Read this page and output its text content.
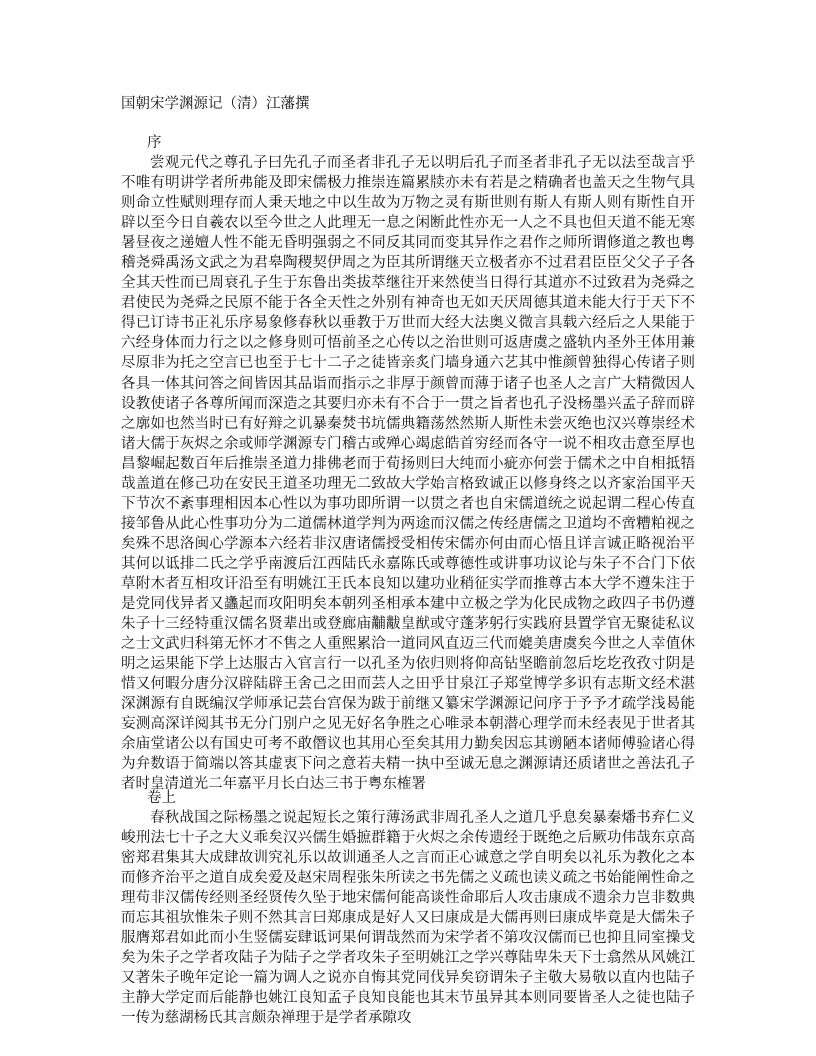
国朝宋学渊源记（清）江藩撰
序

尝观元代之尊孔子曰先孔子而圣者非孔子无以明后孔子而圣者非孔子无以法至哉言乎不唯有明讲学者所弗能及即宋儒极力推崇连篇累牍亦未有若是之精确者也盖天之生物气具则命立性赋则理存而人秉天地之中以生故为万物之灵有斯世则有斯人有斯人则有斯性自开辟以至今日自羲农以至今世之人此理无一息之闲断此性亦无一人之不具也但天道不能无寒暑昼夜之递嬗人性不能无昏明强弱之不同反其同而变其异作之君作之师所谓修道之教也粤稽尧舜禹汤文武之为君皋陶稷契伊周之为臣其所谓继天立极者亦不过君君臣臣父父子子各全其天性而已周衰孔子生于东鲁出类拔萃继往开来然使当日得行其道亦不过致君为尧舜之君使民为尧舜之民原不能于各全天性之外别有神奇也无如天厌周德其道未能大行于天下不得已订诗书正礼乐序易象修春秋以垂教于万世而大经大法奥义微言具载六经后之人果能于六经身体而力行之以之修身则可悟前圣之心传以之治世则可返唐虞之盛轨内圣外王体用兼尽原非为托之空言已也至于七十二子之徒皆亲炙门墙身通六艺其中惟颜曾独得心传诸子则各具一体其问答之间皆因其品诣而指示之非厚于颜曾而薄于诸子也圣人之言广大精微因人设教使诸子各尊所闻而深造之其要归亦未有不合于一贯之旨者也孔子没杨墨兴孟子辞而辟之廓如也然当时已有好辩之讥暴秦焚书坑儒典籍荡然然斯人斯性未尝灭绝也汉兴尊崇经术诸大儒于灰烬之余或师学渊源专门稽古或殚心竭虑皓首穷经而各守一说不相攻击意至厚也昌黎崛起数百年后推崇圣道力排佛老而于荀扬则曰大纯而小疵亦何尝于儒术之中自相抵牾哉盖道在修己功在安民王道圣功理无二致故大学始言格致诚正以修身终之以齐家治国平天下节次不紊事理相因本心性以为事功即所谓一以贯之者也自宋儒道统之说起谓二程心传直接邹鲁从此心性事功分为二道儒林道学判为两途而汉儒之传经唐儒之卫道均不啻糟粕视之矣殊不思洛闽心学源本六经若非汉唐诸儒授受相传宋儒亦何由而心悟且详言诚正略视治平其何以诋排二氏之学乎南渡后江西陆氏永嘉陈氏或尊德性或讲事功议论与朱子不合门下依草附木者互相攻讦沿至有明姚江王氏本良知以建功业稍征实学而推尊古本大学不遵朱注于是党同伐异者又蠭起而攻阳明矣本朝列圣相承本建中立极之学为化民成物之政四子书仍遵朱子十三经特重汉儒名贤辈出或登廊庙黼黻皇猷或守蓬茅躬行实践府县置学官无聚徒私议之士文武归科第无怀才不售之人重熙累洽一道同风直迈三代而媲美唐虞矣今世之人幸值休明之运果能下学上达服古入官言行一以孔圣为依归则将仰高钻坚瞻前忽后圪圪孜孜寸阴是惜又何暇分唐分汉辟陆辟王舍己之田而芸人之田乎甘泉江子郑堂博学多识有志斯文经术湛深渊源有自既编汉学师承记芸台宫保为跋于前继又纂宋学渊源记问序于予予才疏学浅曷能妄测高深详阅其书无分门别户之见无好名争胜之心唯录本朝潜心理学而未经表见于世者其余庙堂诸公以有国史可考不敢僭议也其用心至矣其用力勤矣因忘其谫陋本诸师傅验诸心得为弁数语于简端以答其虚衷下问之意若夫精一执中至诚无息之渊源请还质诸世之善法孔子者时皇清道光二年嘉平月长白达三书于粤东榷署

卷上

春秋战国之际杨墨之说起短长之策行薄汤武非周孔圣人之道几乎息矣暴秦燔书弃仁义峻刑法七十子之大义乖矣汉兴儒生婚摭群籍于火烬之余传遗经于既绝之后厥功伟哉东京高密郑君集其大成肆故训究礼乐以故训通圣人之言而正心诚意之学自明矣以礼乐为教化之本而修齐治平之道自成矣爱及赵宋周程张朱所读之书先儒之义疏也读义疏之书始能阐性命之理苟非汉儒传经则圣经贤传久坠于地宋儒何能高谈性命耶后人攻击康成不遗余力岂非数典而忘其祖欤惟朱子则不然其言曰郑康成是好人又曰康成是大儒再则曰康成毕竟是大儒朱子服膺郑君如此而小生竖儒妄肆诋诃果何谓哉然而为宋学者不第攻汉儒而已也抑且同室操戈矣为朱子之学者攻陆子为陆子之学者攻朱子至明姚江之学兴尊陆卑朱天下士翕然从风姚江又著朱子晚年定论一篇为调人之说亦自悔其党同伐异矣窃谓朱子主敬大易敬以直内也陆子主静大学定而后能静也姚江良知孟子良知良能也其末节虽异其本则同要皆圣人之徒也陆子一传为慈湖杨氏其言颇杂禅理于是学者承隙攻
